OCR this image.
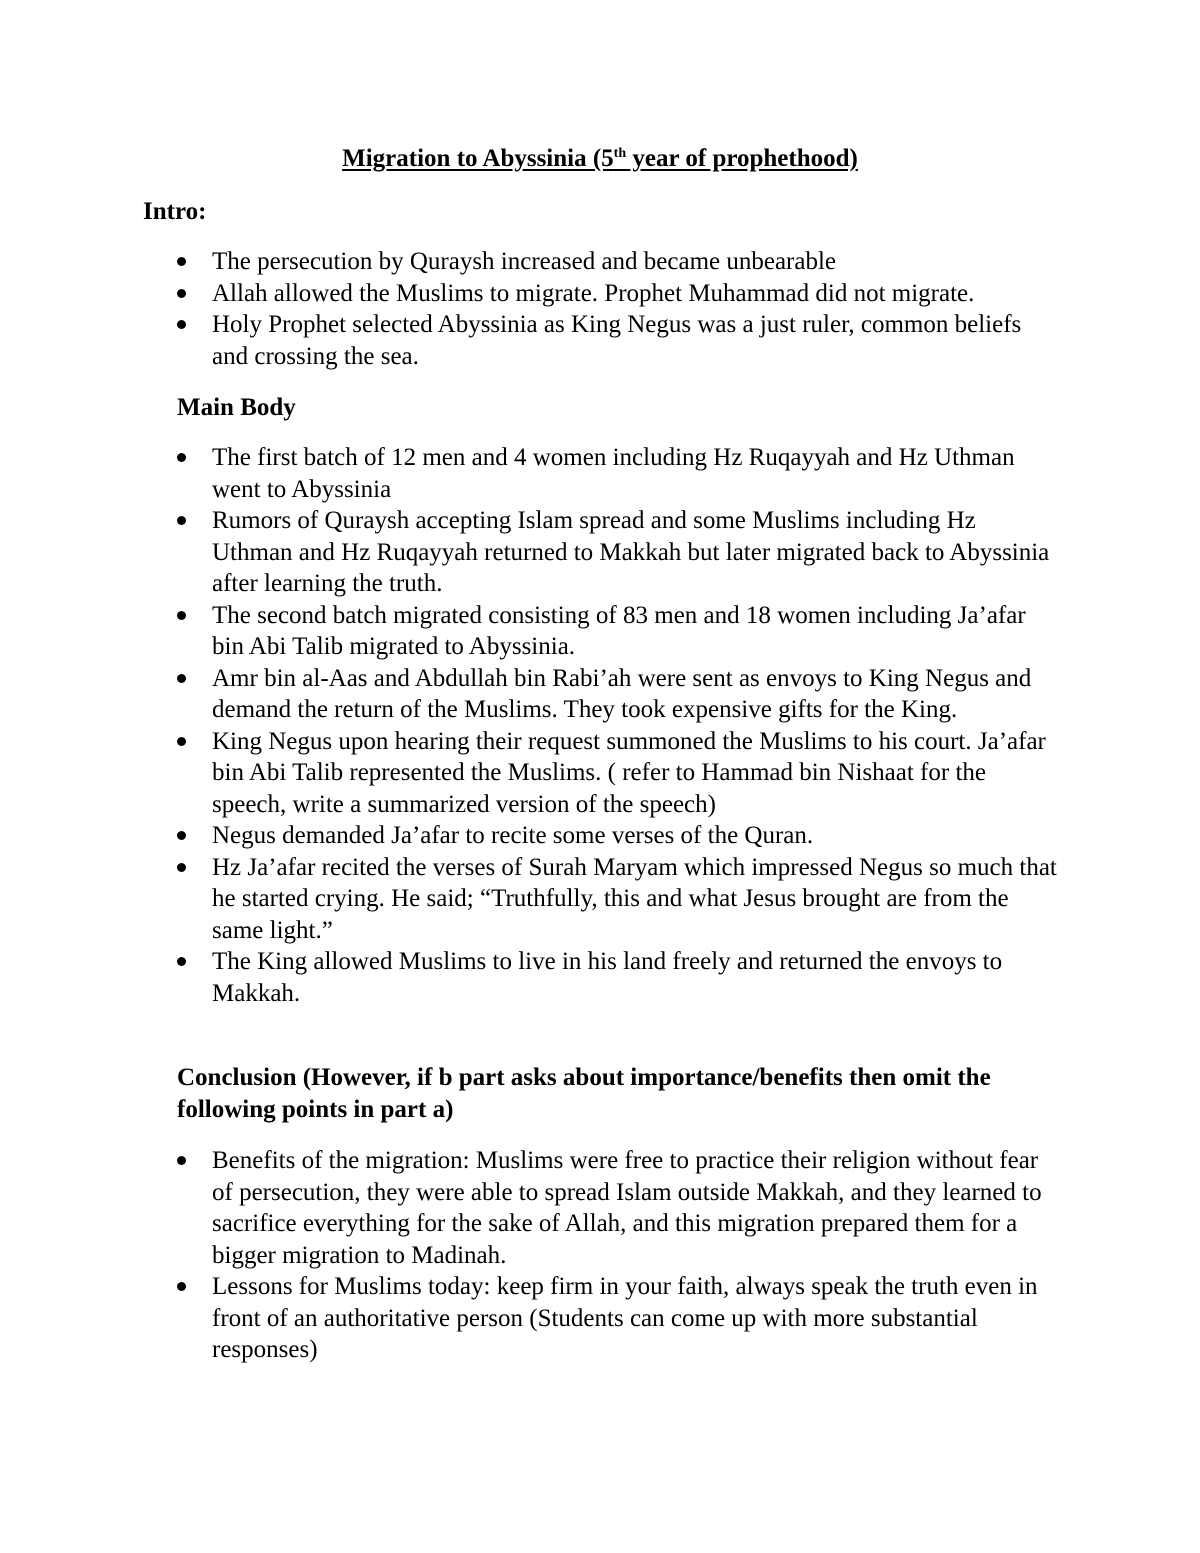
Migration to Abyssinia (5th year of prophethood)
Intro:
The persecution by Quraysh increased and became unbearable
Allah allowed the Muslims to migrate. Prophet Muhammad did not migrate.
Holy Prophet selected Abyssinia as King Negus was a just ruler, common beliefs and crossing the sea.
Main Body
The first batch of 12 men and 4 women including Hz Ruqayyah and Hz Uthman went to Abyssinia
Rumors of Quraysh accepting Islam spread and some Muslims including Hz Uthman and Hz Ruqayyah returned to Makkah but later migrated back to Abyssinia after learning the truth.
The second batch migrated consisting of 83 men and 18 women including Ja’afar bin Abi Talib migrated to Abyssinia.
Amr bin al-Aas and Abdullah bin Rabi’ah were sent as envoys to King Negus and demand the return of the Muslims. They took expensive gifts for the King.
King Negus upon hearing their request summoned the Muslims to his court. Ja’afar bin Abi Talib represented the Muslims. ( refer to Hammad bin Nishaat for the speech, write a summarized version of the speech)
Negus demanded Ja’afar to recite some verses of the Quran.
Hz Ja’afar recited the verses of Surah Maryam which impressed Negus so much that he started crying. He said; “Truthfully, this and what Jesus brought are from the same light.”
The King allowed Muslims to live in his land freely and returned the envoys to Makkah.
Conclusion (However, if b part asks about importance/benefits then omit the following points in part a)
Benefits of the migration: Muslims were free to practice their religion without fear of persecution, they were able to spread Islam outside Makkah, and they learned to sacrifice everything for the sake of Allah, and this migration prepared them for a bigger migration to Madinah.
Lessons for Muslims today: keep firm in your faith, always speak the truth even in front of an authoritative person (Students can come up with more substantial responses)
